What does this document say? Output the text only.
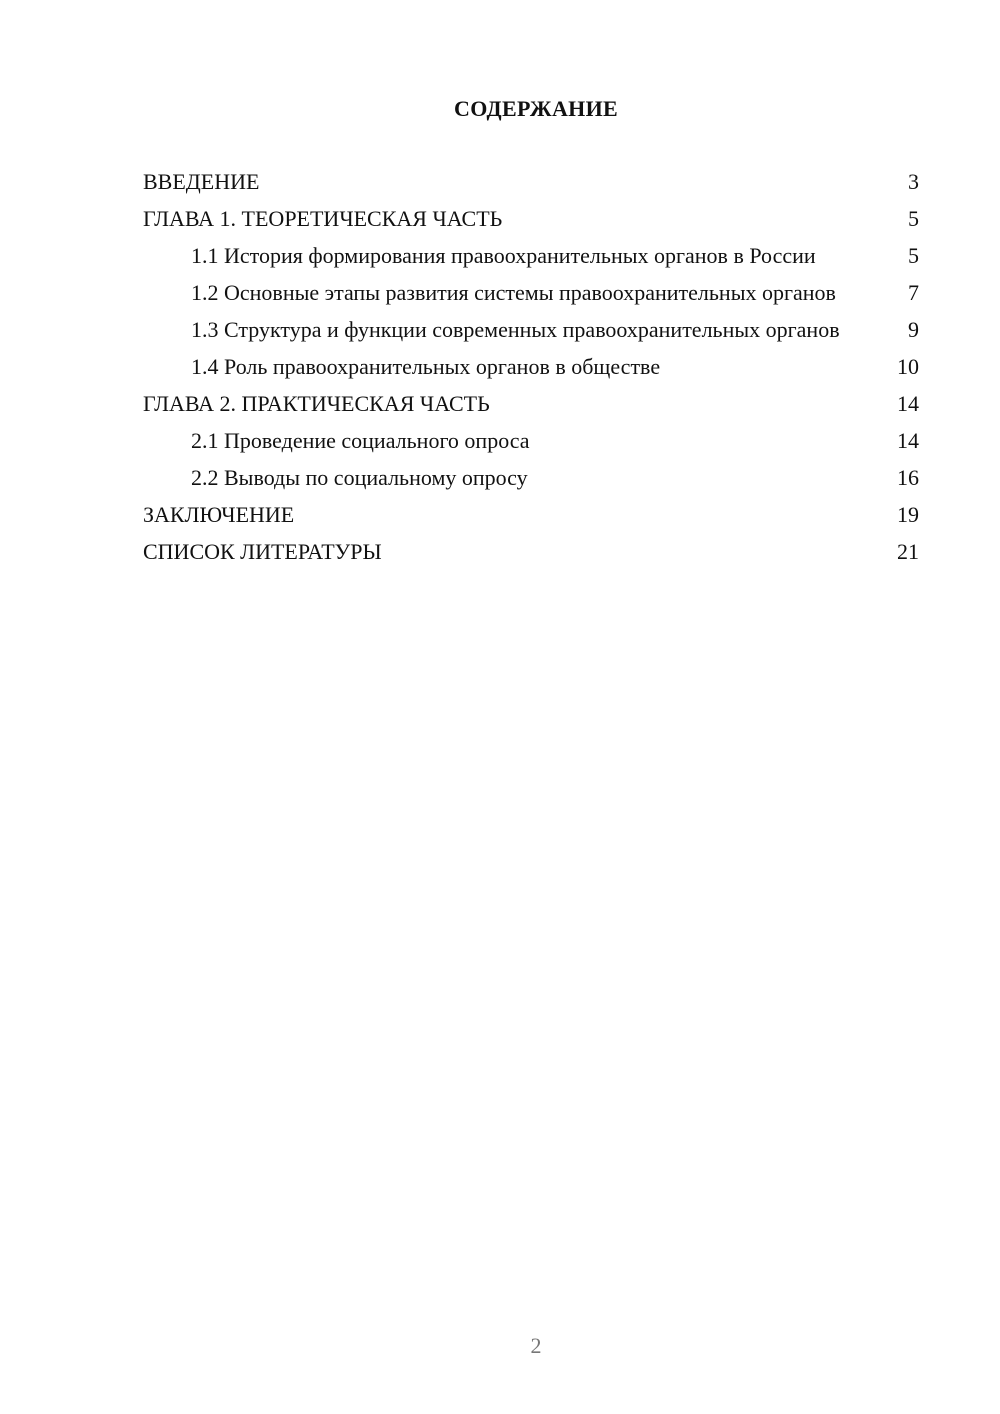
СОДЕРЖАНИЕ
ВВЕДЕНИЕ	3
ГЛАВА 1. ТЕОРЕТИЧЕСКАЯ ЧАСТЬ	5
1.1 История формирования правоохранительных органов в России	5
1.2 Основные этапы развития системы правоохранительных органов	7
1.3 Структура и функции современных правоохранительных органов	9
1.4 Роль правоохранительных органов в обществе	10
ГЛАВА 2. ПРАКТИЧЕСКАЯ ЧАСТЬ	14
2.1 Проведение социального опроса	14
2.2 Выводы по социальному опросу	16
ЗАКЛЮЧЕНИЕ	19
СПИСОК ЛИТЕРАТУРЫ	21
2
